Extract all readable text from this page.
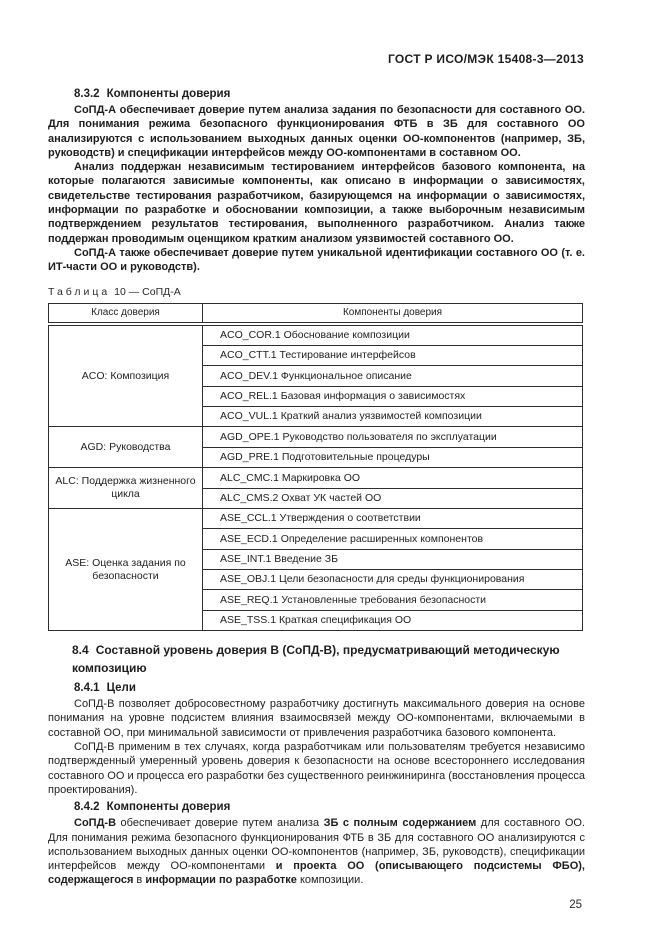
ГОСТ Р ИСО/МЭК 15408-3—2013
8.3.2 Компоненты доверия

СоПД-А обеспечивает доверие путем анализа задания по безопасности для составного ОО. Для понимания режима безопасного функционирования ФТБ в ЗБ для составного ОО анализируются с использованием выходных данных оценки ОО-компонентов (например, ЗБ, руководств) и спецификации интерфейсов между ОО-компонентами в составном ОО.

Анализ поддержан независимым тестированием интерфейсов базового компонента, на которые полагаются зависимые компоненты, как описано в информации о зависимостях, свидетельстве тестирования разработчиком, базирующемся на информации о зависимостях, информации по разработке и обосновании композиции, а также выборочным независимым подтверждением результатов тестирования, выполненного разработчиком. Анализ также поддержан проводимым оценщиком кратким анализом уязвимостей составного ОО.

СоПД-А также обеспечивает доверие путем уникальной идентификации составного ОО (т. е. ИТ-части ОО и руководств).

Таблица 10 — СоПД-А
Класс доверия	Компоненты доверия
ACO: Композиция	ACO_COR.1 Обоснование композиции
	ACO_CTT.1 Тестирование интерфейсов
	ACO_DEV.1 Функциональное описание
	ACO_REL.1 Базовая информация о зависимостях
	ACO_VUL.1 Краткий анализ уязвимостей композиции
AGD: Руководства	AGD_OPE.1 Руководство пользователя по эксплуатации
	AGD_PRE.1 Подготовительные процедуры
ALC: Поддержка жизненного цикла	ALC_CMC.1 Маркировка ОО
	ALC_CMS.2 Охват УК частей ОО
ASE: Оценка задания по безопасности	ASE_CCL.1 Утверждения о соответствии
	ASE_ECD.1 Определение расширенных компонентов
	ASE_INT.1 Введение ЗБ
	ASE_OBJ.1 Цели безопасности для среды функционирования
	ASE_REQ.1 Установленные требования безопасности
	ASE_TSS.1 Краткая спецификация ОО
8.4 Составной уровень доверия В (СоПД-В), предусматривающий методическую композицию
8.4.1 Цели

СоПД-В позволяет добросовестному разработчику достигнуть максимального доверия на основе понимания на уровне подсистем влияния взаимосвязей между ОО-компонентами, включаемыми в составной ОО, при минимальной зависимости от привлечения разработчика базового компонента.

СоПД-В применим в тех случаях, когда разработчикам или пользователям требуется независимо подтвержденный умеренный уровень доверия к безопасности на основе всестороннего исследования составного ОО и процесса его разработки без существенного реинжиниринга (восстановления процесса проектирования).

8.4.2 Компоненты доверия

СоПД-В обеспечивает доверие путем анализа ЗБ с полным содержанием для составного ОО. Для понимания режима безопасного функционирования ФТБ в ЗБ для составного ОО анализируются с использованием выходных данных оценки ОО-компонентов (например, ЗБ, руководств), спецификации интерфейсов между ОО-компонентами и проекта ОО (описывающего подсистемы ФБО), содержащегося в информации по разработке композиции.

25
